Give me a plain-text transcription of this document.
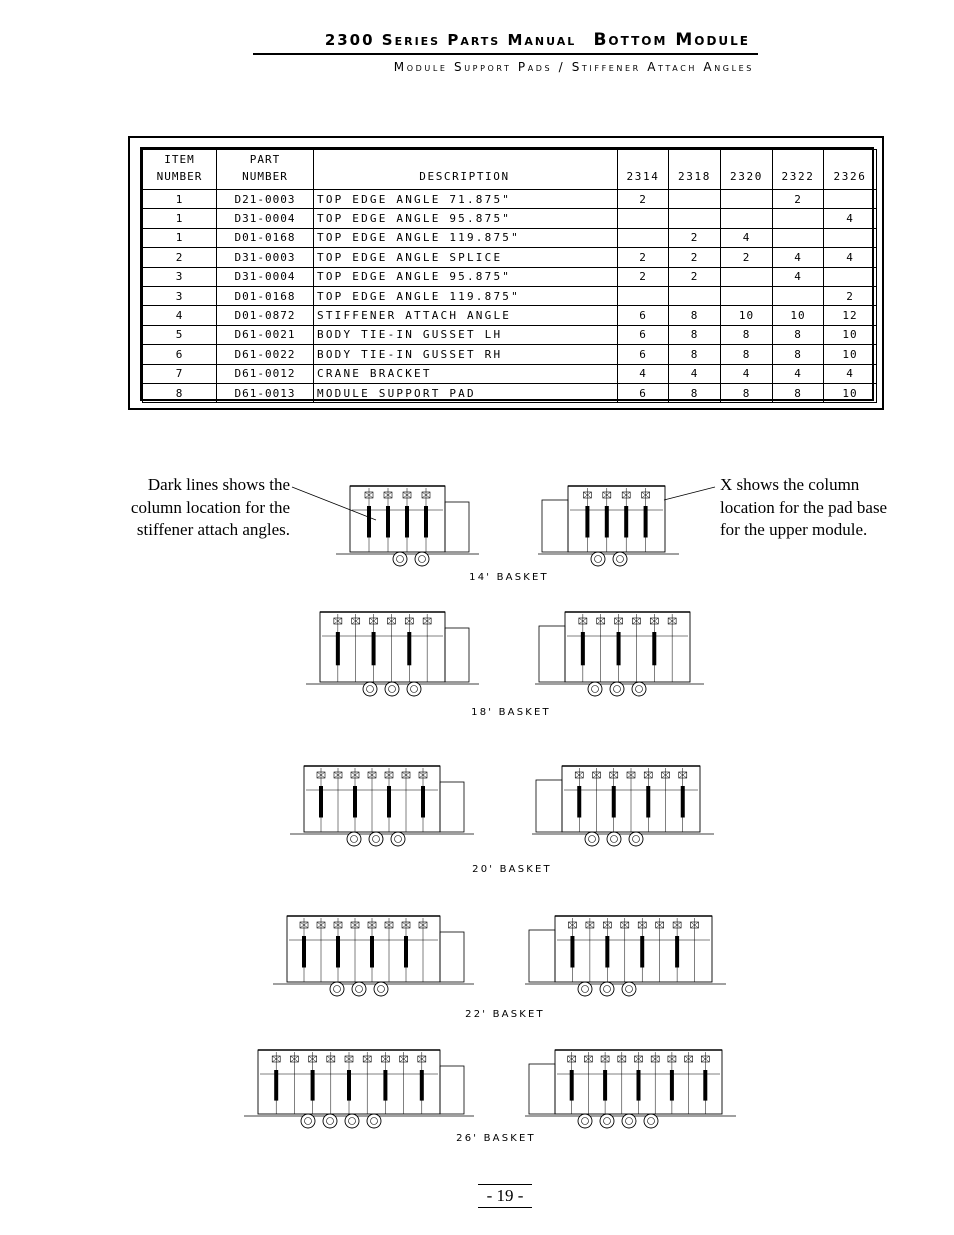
2300 Series Parts Manual Bottom Module
Module Support Pads / Stiffener Attach Angles
ITEM
NUMBER	PART
NUMBER	DESCRIPTION	2314	2318	2320	2322	2326
1	D21-0003	TOP EDGE ANGLE 71.875"	2			2	
1	D31-0004	TOP EDGE ANGLE 95.875"					4
1	D01-0168	TOP EDGE ANGLE 119.875"		2	4		
2	D31-0003	TOP EDGE ANGLE SPLICE	2	2	2	4	4
3	D31-0004	TOP EDGE ANGLE 95.875"	2	2		4	
3	D01-0168	TOP EDGE ANGLE 119.875"					2
4	D01-0872	STIFFENER ATTACH ANGLE	6	8	10	10	12
5	D61-0021	BODY TIE-IN GUSSET LH	6	8	8	8	10
6	D61-0022	BODY TIE-IN GUSSET RH	6	8	8	8	10
7	D61-0012	CRANE BRACKET	4	4	4	4	4
8	D61-0013	MODULE SUPPORT PAD	6	8	8	8	10
Dark lines shows the column location for the stiffener attach angles.
X shows the column location for the pad base for the upper module.
14' BASKET
18' BASKET
20' BASKET
22' BASKET
26' BASKET
- 19 -
